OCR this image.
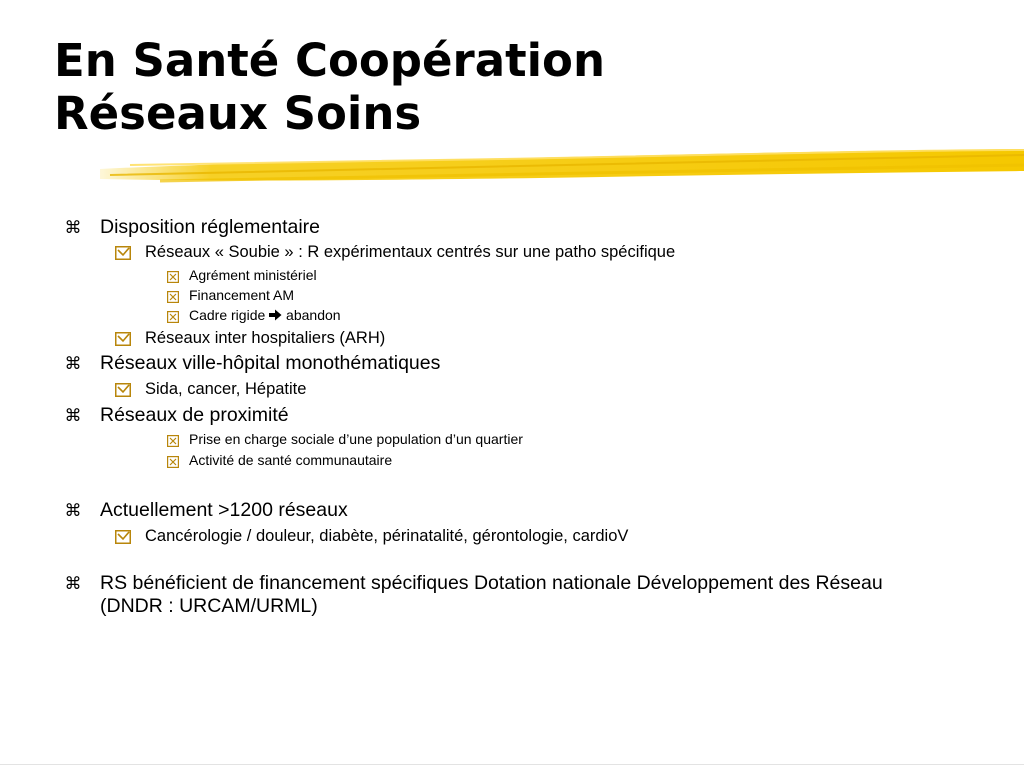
En Santé Coopération
Réseaux Soins
⌘ Disposition réglementaire
Réseaux « Soubie » : R expérimentaux centrés sur une patho spécifique
Agrément ministériel
Financement AM
Cadre rigide abandon
Réseaux inter hospitaliers (ARH)
⌘ Réseaux ville-hôpital monothématiques
Sida, cancer, Hépatite
⌘ Réseaux de proximité
Prise en charge sociale d’une population d’un quartier
Activité de santé communautaire
⌘ Actuellement >1200 réseaux
Cancérologie / douleur, diabète, périnatalité, gérontologie, cardioV
⌘ RS bénéficient de financement spécifiques Dotation nationale Développement des Réseau (DNDR : URCAM/URML)
